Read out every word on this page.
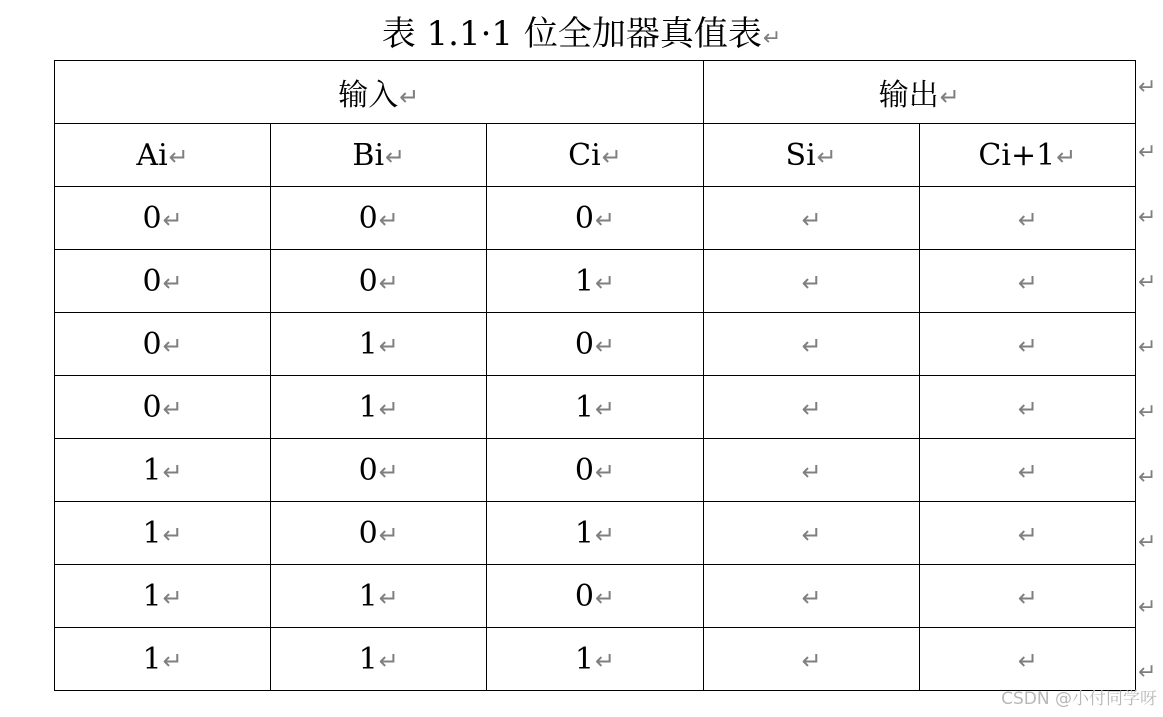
表 1.1·1 位全加器真值表↵
输入↵			输出↵	
Ai↵	Bi↵	Ci↵	Si↵	Ci+1↵
0↵	0↵	0↵	↵	↵
0↵	0↵	1↵	↵	↵
0↵	1↵	0↵	↵	↵
0↵	1↵	1↵	↵	↵
1↵	0↵	0↵	↵	↵
1↵	0↵	1↵	↵	↵
1↵	1↵	0↵	↵	↵
1↵	1↵	1↵	↵	↵
↵
↵
↵
↵
↵
↵
↵
↵
↵
↵
CSDN @小付同学呀
